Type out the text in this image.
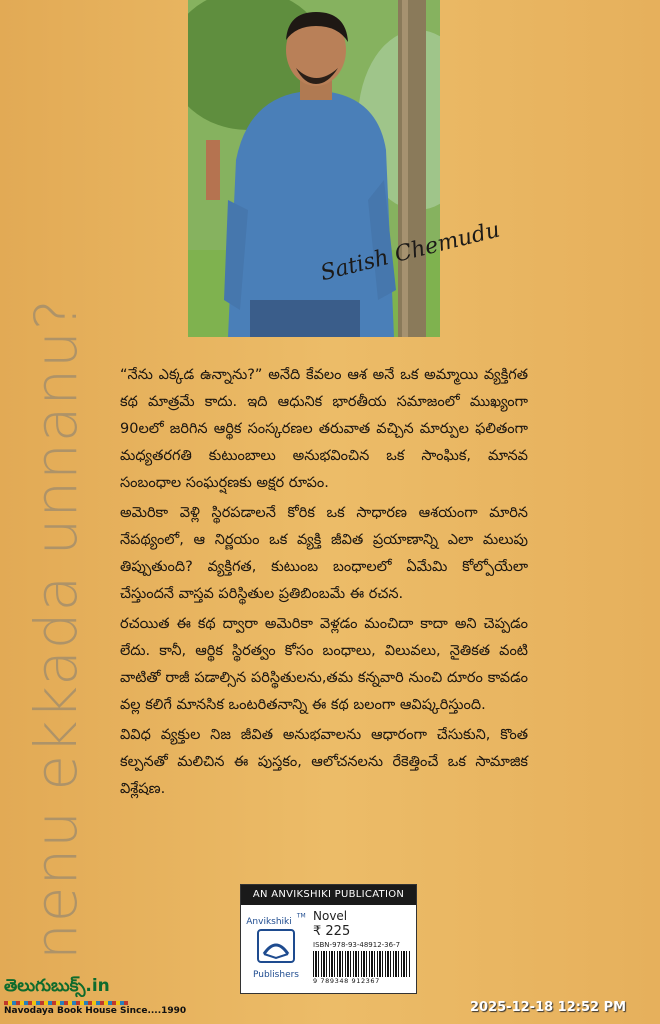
nenu ekkada unnanu?
Satish Chemudu

“నేను ఎక్కడ ఉన్నాను?” అనేది కేవలం ఆశ అనే ఒక అమ్మాయి వ్యక్తిగత కథ మాత్రమే కాదు. ఇది ఆధునిక భారతీయ సమాజంలో ముఖ్యంగా 90లలో జరిగిన ఆర్థిక సంస్కరణల తరువాత వచ్చిన మార్పుల ఫలితంగా మధ్యతరగతి కుటుంబాలు అనుభవించిన ఒక సాంఘిక, మానవ సంబంధాల సంఘర్షణకు అక్షర రూపం.

అమెరికా వెళ్లి స్థిరపడాలనే కోరిక ఒక సాధారణ ఆశయంగా మారిన నేపథ్యంలో, ఆ నిర్ణయం ఒక వ్యక్తి జీవిత ప్రయాణాన్ని ఎలా మలుపు తిప్పుతుంది? వ్యక్తిగత, కుటుంబ బంధాలలో ఏమేమి కోల్పోయేలా చేస్తుందనే వాస్తవ పరిస్థితుల ప్రతిబింబమే ఈ రచన.

రచయిత ఈ కథ ద్వారా అమెరికా వెళ్లడం మంచిదా కాదా అని చెప్పడం లేదు. కానీ, ఆర్థిక స్థిరత్వం కోసం బంధాలు, విలువలు, నైతికత వంటి వాటితో రాజీ పడాల్సిన పరిస్థితులను,తమ కన్నవారి నుంచి దూరం కావడం వల్ల కలిగే మానసిక ఒంటరితనాన్ని ఈ కథ బలంగా ఆవిష్కరిస్తుంది.

వివిధ వ్యక్తుల నిజ జీవిత అనుభవాలను ఆధారంగా చేసుకుని, కొంత కల్పనతో మలిచిన ఈ పుస్తకం, ఆలోచనలను రేకెత్తించే ఒక సామాజిక విశ్లేషణ.

AN ANVIKSHIKI PUBLICATION
Anvikshiki ™
Publishers
Novel
₹ 225
ISBN-978-93-48912-36-7
9 789348 912367
తెలుగుబుక్స్.in
Navodaya Book House Since....1990	2025-12-18 12:52 PM
